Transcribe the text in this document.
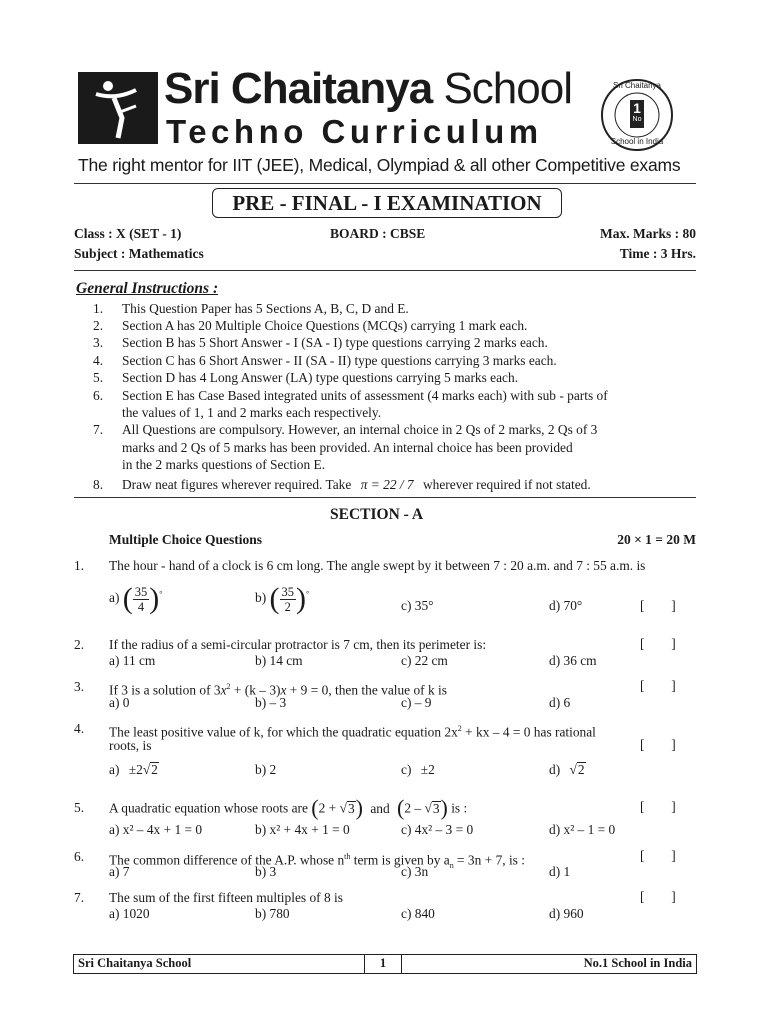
Sri Chaitanya School
Techno Curriculum
1
No
Sri Chaitanya
School in India
The right mentor for IIT (JEE), Medical, Olympiad & all other Competitive exams
PRE - FINAL - I EXAMINATION
Class : X (SET - 1)	BOARD : CBSE	Max. Marks : 80
Subject : Mathematics	Time : 3 Hrs.
General Instructions :
1. This Question Paper has 5 Sections A, B, C, D and E.
2. Section A has 20 Multiple Choice Questions (MCQs) carrying 1 mark each.
3. Section B has 5 Short Answer - I (SA - I) type questions carrying 2 marks each.
4. Section C has 6 Short Answer - II (SA - II) type questions carrying 3 marks each.
5. Section D has 4 Long Answer (LA) type questions carrying 5 marks each.
6. Section E has Case Based integrated units of assessment (4 marks each) with sub - parts of
the values of 1, 1 and 2 marks each respectively.
7. All Questions are compulsory. However, an internal choice in 2 Qs of 2 marks, 2 Qs of 3
marks and 2 Qs of 5 marks has been provided. An internal choice has been provided
in the 2 marks questions of Section E.
8. Draw neat figures wherever required. Take π = 22 / 7 wherever required if not stated.
SECTION - A
Multiple Choice Questions	20 × 1 = 20 M
1. The hour - hand of a clock is 6 cm long. The angle swept by it between 7 : 20 a.m. and 7 : 55 a.m. is
a) ( $\frac{35}{4} )^\circ$	b) ( $\frac{35}{2} )^\circ$
c) 35°	d) 70°	[        ]
2. If the radius of a semi-circular protractor is 7 cm, then its perimeter is:	[        ]
a) 11 cm	b) 14 cm	c) 22 cm	d) 36 cm
3. If 3 is a solution of $3x^2 + (k - 3)x + 9 = 0$, then the value of k is	[        ]
a) 0	b) – 3	c) – 9	d) 6
4. The least positive value of k, for which the quadratic equation $2x^2$ + kx – 4 = 0 has rational
roots, is	[        ]
a) ±2√2	b) 2	c) ±2	d) √2
5. A quadratic equation whose roots are (2 + √3) and (2 – √3) is :	[        ]
a) x² – 4x + 1 = 0	b) x² + 4x + 1 = 0	c) 4x² – 3 = 0	d) x² – 1 = 0
6. The common difference of the A.P. whose $n^{th}$ term is given by $a_n = 3n + 7$, is :	[        ]
a) 7	b) 3	c) 3n	d) 1
7. The sum of the first fifteen multiples of 8 is	[        ]
a) 1020	b) 780	c) 840	d) 960
Sri Chaitanya School	1	No.1 School in India
